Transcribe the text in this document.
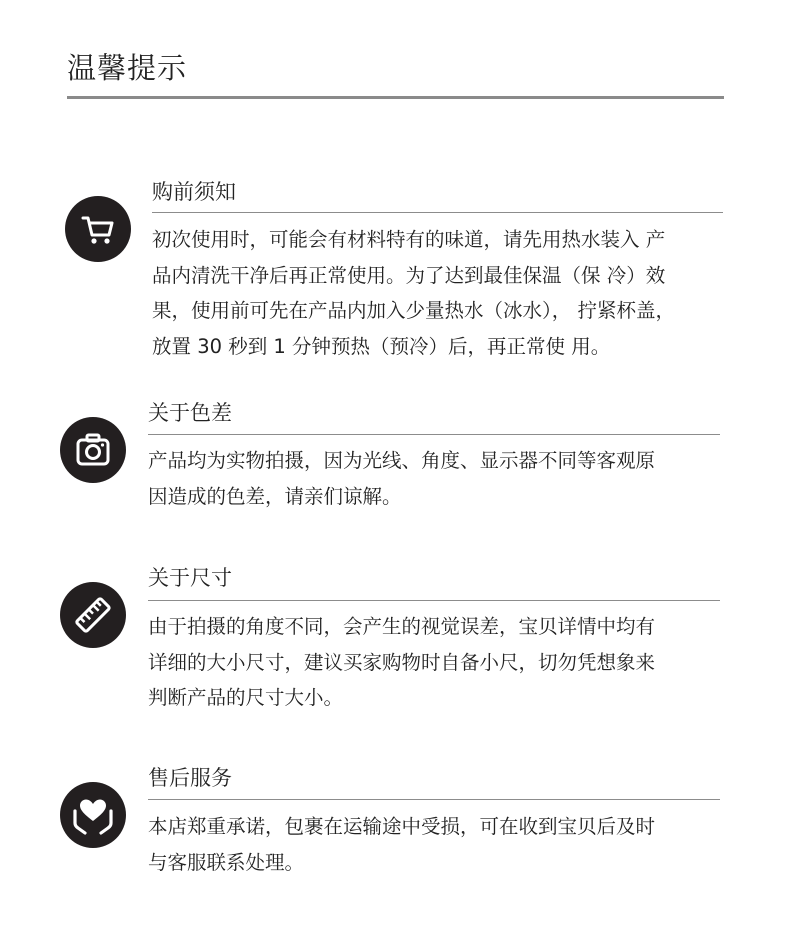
温馨提示
购前须知
初次使用时，可能会有材料特有的味道，请先用热水装入 产
品内清洗干净后再正常使用。为了达到最佳保温（保 冷）效
果，使用前可先在产品内加入少量热水（冰水）， 拧紧杯盖，
放置 30 秒到 1 分钟预热（预冷）后，再正常使 用。
关于色差
产品均为实物拍摄，因为光线、角度、显示器不同等客观原
因造成的色差，请亲们谅解。
关于尺寸
由于拍摄的角度不同，会产生的视觉误差，宝贝详情中均有
详细的大小尺寸，建议买家购物时自备小尺，切勿凭想象来
判断产品的尺寸大小。
售后服务
本店郑重承诺，包裹在运输途中受损，可在收到宝贝后及时
与客服联系处理。
